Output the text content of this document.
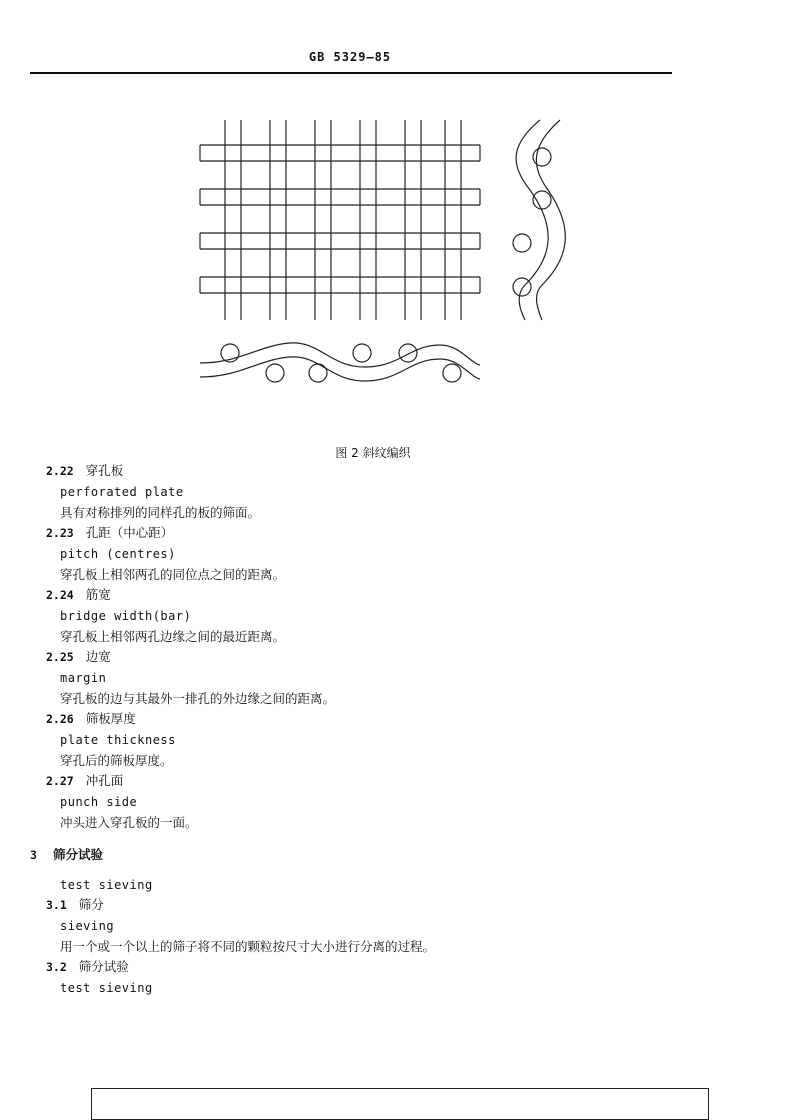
GB 5329—85
图 2 斜纹编织
2.22 穿孔板
perforated plate
具有对称排列的同样孔的板的筛面。
2.23 孔距（中心距）
pitch (centres)
穿孔板上相邻两孔的同位点之间的距离。
2.24 筋宽
bridge width(bar)
穿孔板上相邻两孔边缘之间的最近距离。
2.25 边宽
margin
穿孔板的边与其最外一排孔的外边缘之间的距离。
2.26 筛板厚度
plate thickness
穿孔后的筛板厚度。
2.27 冲孔面
punch side
冲头进入穿孔板的一面。
3 筛分试验
test sieving
3.1 筛分
sieving
用一个或一个以上的筛子将不同的颗粒按尺寸大小进行分离的过程。
3.2 筛分试验
test sieving
